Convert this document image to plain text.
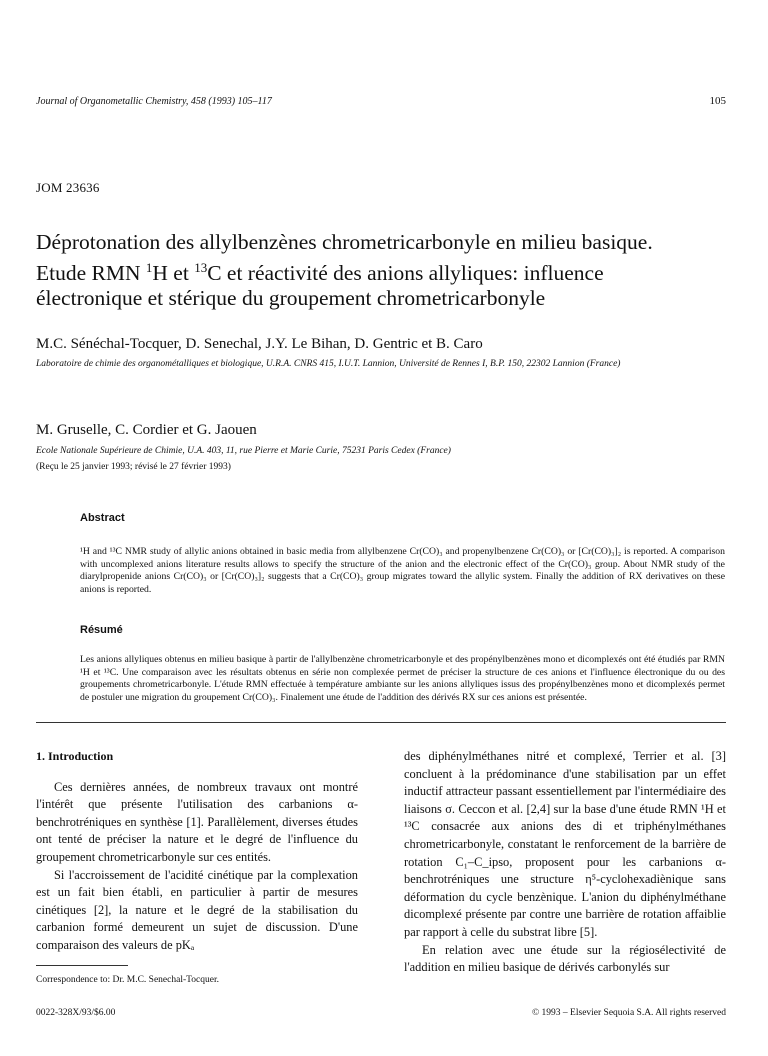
Journal of Organometallic Chemistry, 458 (1993) 105–117	105
JOM 23636
Déprotonation des allylbenzènes chrometricarbonyle en milieu basique.
Etude RMN $^1$H et $^{13}$C et réactivité des anions allyliques: influence
électronique et stérique du groupement chrometricarbonyle
M.C. Sénéchal-Tocquer, D. Senechal, J.Y. Le Bihan, D. Gentric et B. Caro
Laboratoire de chimie des organométalliques et biologique, U.R.A. CNRS 415, I.U.T. Lannion, Université de Rennes I, B.P. 150, 22302 Lannion (France)
M. Gruselle, C. Cordier et G. Jaouen
Ecole Nationale Supérieure de Chimie, U.A. 403, 11, rue Pierre et Marie Curie, 75231 Paris Cedex (France)
(Reçu le 25 janvier 1993; révisé le 27 février 1993)
Abstract
¹H and ¹³C NMR study of allylic anions obtained in basic media from allylbenzene Cr(CO)₃ and propenylbenzene Cr(CO)₃ or [Cr(CO)₃]₂ is reported. A comparison with uncomplexed anions literature results allows to specify the structure of the anion and the electronic effect of the Cr(CO)₃ group. About NMR study of the diarylpropenide anions Cr(CO)₃ or [Cr(CO)₃]₂ suggests that a Cr(CO)₃ group migrates toward the allylic system. Finally the addition of RX derivatives on these anions is reported.
Résumé
Les anions allyliques obtenus en milieu basique à partir de l'allylbenzène chrometricarbonyle et des propénylbenzènes mono et dicomplexés ont été étudiés par RMN ¹H et ¹³C. Une comparaison avec les résultats obtenus en série non complexée permet de préciser la structure de ces anions et l'influence électronique du ou des groupements chrometricarbonyle. L'étude RMN effectuée à température ambiante sur les anions allyliques issus des propénylbenzènes mono et dicomplexés permet de postuler une migration du groupement Cr(CO)₃. Finalement une étude de l'addition des dérivés RX sur ces anions est présentée.
1. Introduction

Ces dernières années, de nombreux travaux ont montré l'intérêt que présente l'utilisation des carbanions α-benchrotréniques en synthèse [1]. Parallèlement, diverses études ont tenté de préciser la nature et le degré de l'influence du groupement chrometricarbonyle sur ces entités.

Si l'accroissement de l'acidité cinétique par la complexation est un fait bien établi, en particulier à partir de mesures cinétiques [2], la nature et le degré de la stabilisation du carbanion formé demeurent un sujet de discussion. D'une comparaison des valeurs de pKₐ

des diphénylméthanes nitré et complexé, Terrier et al. [3] concluent à la prédominance d'une stabilisation par un effet inductif attracteur passant essentiellement par l'intermédiaire des liaisons σ. Ceccon et al. [2,4] sur la base d'une étude RMN ¹H et ¹³C consacrée aux anions des di et triphénylméthanes chrometricarbonyle, constatant le renforcement de la barrière de rotation C₁–C_ipso, proposent pour les carbanions α-benchrotréniques une structure η⁵-cyclohexadiènique sans déformation du cycle benzènique. L'anion du diphénylméthane dicomplexé présente par contre une barrière de rotation affaiblie par rapport à celle du substrat libre [5].

En relation avec une étude sur la régiosélectivité de l'addition en milieu basique de dérivés carbonylés sur

Correspondence to: Dr. M.C. Senechal-Tocquer.
0022-328X/93/$6.00	© 1993 – Elsevier Sequoia S.A. All rights reserved
